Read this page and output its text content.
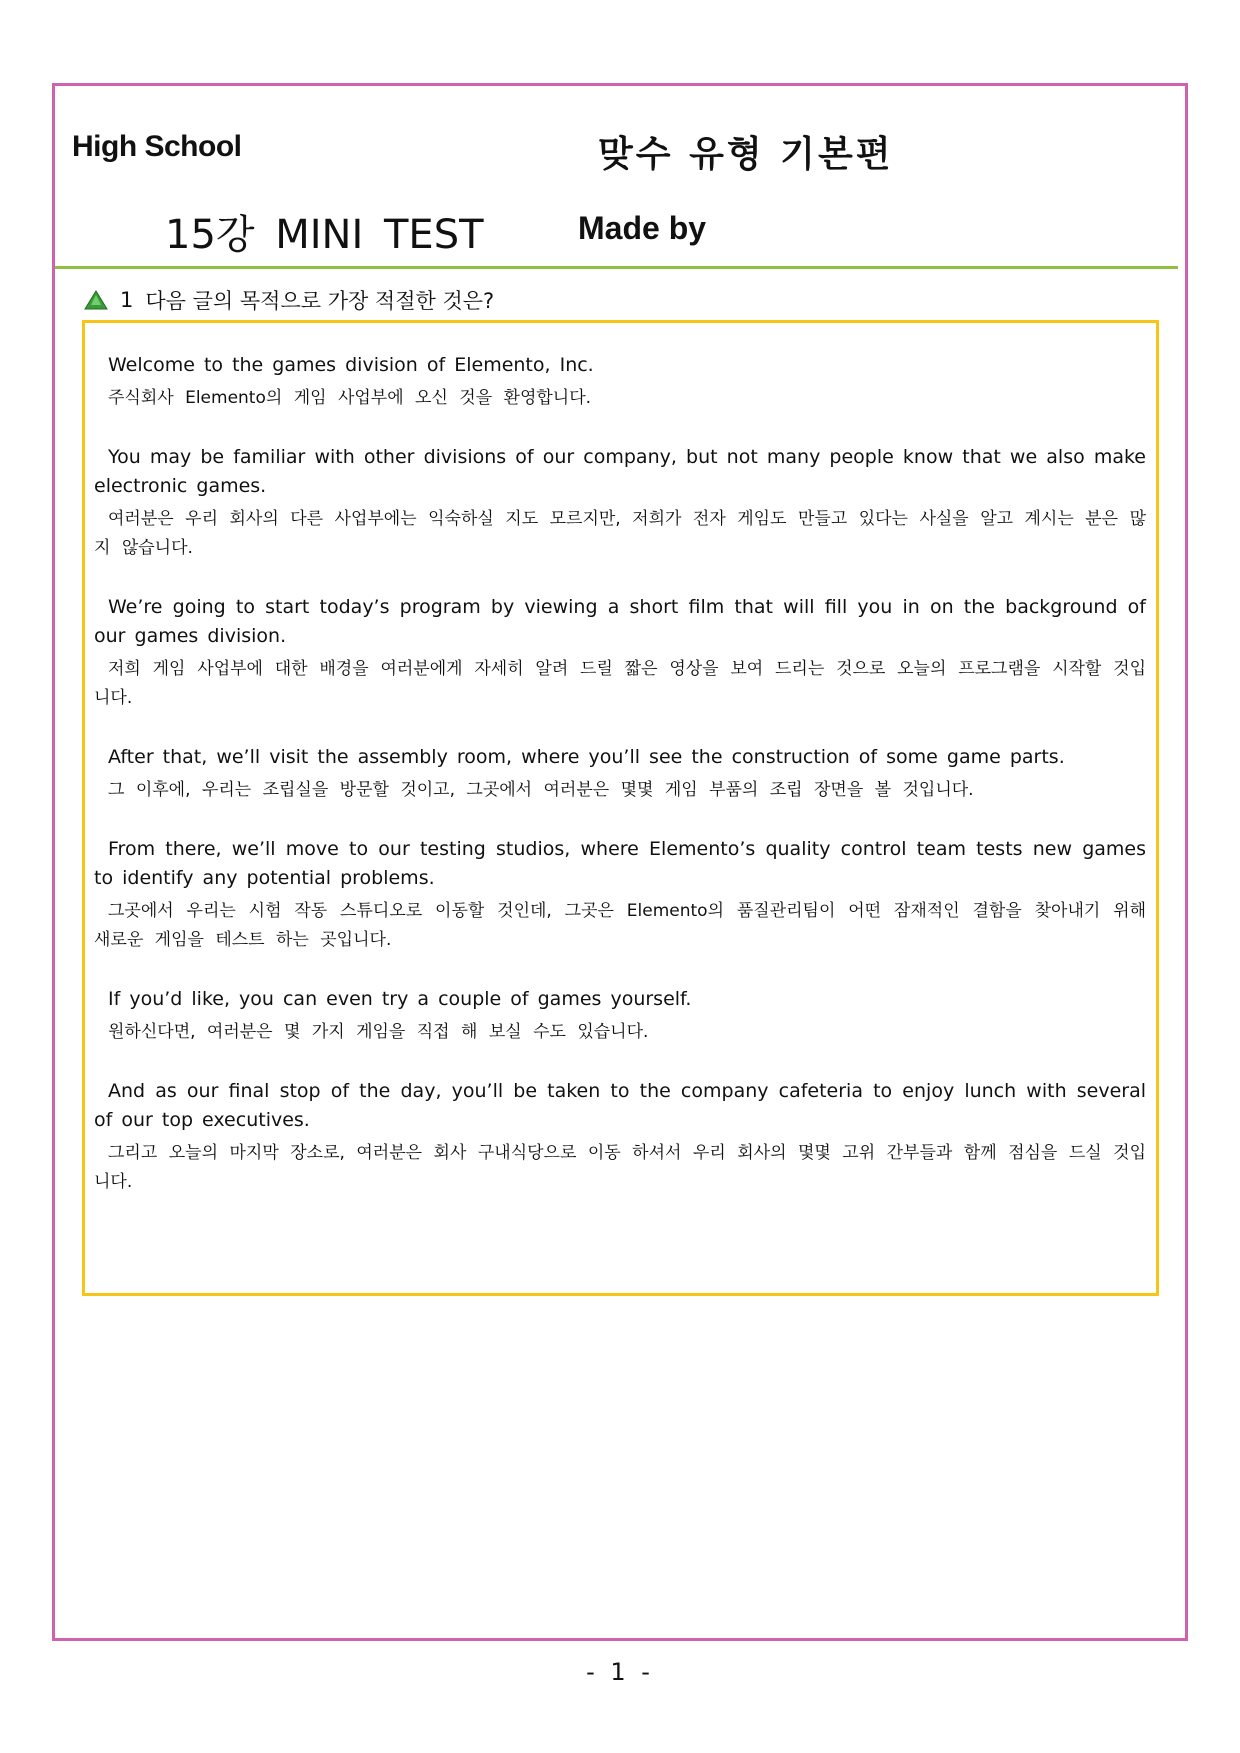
High School	맞수 유형 기본편
15강 MINI TEST	Made by
1 다음 글의 목적으로 가장 적절한 것은?
Welcome to the games division of Elemento, Inc.
주식회사 Elemento의 게임 사업부에 오신 것을 환영합니다.
You may be familiar with other divisions of our company, but not many people know that we also make electronic games.
여러분은 우리 회사의 다른 사업부에는 익숙하실 지도 모르지만, 저희가 전자 게임도 만들고 있다는 사실을 알고 계시는 분은 많지 않습니다.
We’re going to start today’s program by viewing a short film that will fill you in on the background of our games division.
저희 게임 사업부에 대한 배경을 여러분에게 자세히 알려 드릴 짧은 영상을 보여 드리는 것으로 오늘의 프로그램을 시작할 것입니다.
After that, we’ll visit the assembly room, where you’ll see the construction of some game parts.
그 이후에, 우리는 조립실을 방문할 것이고, 그곳에서 여러분은 몇몇 게임 부품의 조립 장면을 볼 것입니다.
From there, we’ll move to our testing studios, where Elemento’s quality control team tests new games to identify any potential problems.
그곳에서 우리는 시험 작동 스튜디오로 이동할 것인데, 그곳은 Elemento의 품질관리팀이 어떤 잠재적인 결함을 찾아내기 위해 새로운 게임을 테스트 하는 곳입니다.
If you’d like, you can even try a couple of games yourself.
원하신다면, 여러분은 몇 가지 게임을 직접 해 보실 수도 있습니다.
And as our final stop of the day, you’ll be taken to the company cafeteria to enjoy lunch with several of our top executives.
그리고 오늘의 마지막 장소로, 여러분은 회사 구내식당으로 이동 하셔서 우리 회사의 몇몇 고위 간부들과 함께 점심을 드실 것입니다.
- 1 -
